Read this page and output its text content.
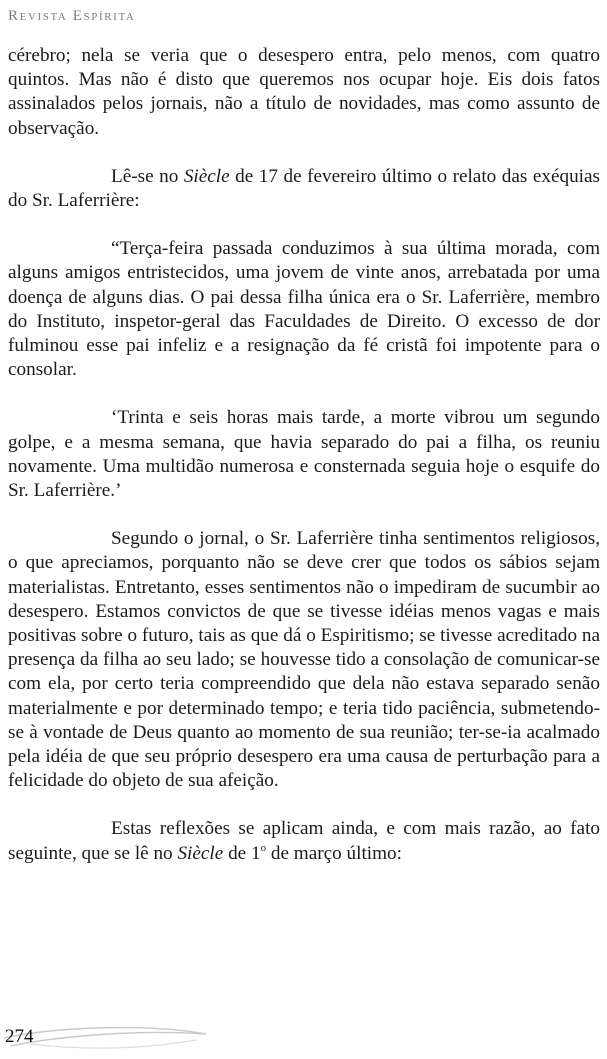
Revista Espírita

cérebro; nela se veria que o desespero entra, pelo menos, com quatro quintos. Mas não é disto que queremos nos ocupar hoje. Eis dois fatos assinalados pelos jornais, não a título de novidades, mas como assunto de observação.

Lê-se no Siècle de 17 de fevereiro último o relato das exéquias do Sr. Laferrière:

“Terça-feira passada conduzimos à sua última morada, com alguns amigos entristecidos, uma jovem de vinte anos, arrebatada por uma doença de alguns dias. O pai dessa filha única era o Sr. Laferrière, membro do Instituto, inspetor-geral das Faculdades de Direito. O excesso de dor fulminou esse pai infeliz e a resignação da fé cristã foi impotente para o consolar.

‘Trinta e seis horas mais tarde, a morte vibrou um segundo golpe, e a mesma semana, que havia separado do pai a filha, os reuniu novamente. Uma multidão numerosa e consternada seguia hoje o esquife do Sr. Laferrière.’

Segundo o jornal, o Sr. Laferrière tinha sentimentos religiosos, o que apreciamos, porquanto não se deve crer que todos os sábios sejam materialistas. Entretanto, esses sentimentos não o impediram de sucumbir ao desespero. Estamos convictos de que se tivesse idéias menos vagas e mais positivas sobre o futuro, tais as que dá o Espiritismo; se tivesse acreditado na presença da filha ao seu lado; se houvesse tido a consolação de comunicar-se com ela, por certo teria compreendido que dela não estava separado senão materialmente e por determinado tempo; e teria tido paciência, submetendo-se à vontade de Deus quanto ao momento de sua reunião; ter-se-ia acalmado pela idéia de que seu próprio desespero era uma causa de perturbação para a felicidade do objeto de sua afeição.

Estas reflexões se aplicam ainda, e com mais razão, ao fato seguinte, que se lê no Siècle de 1$^o$ de março último:

274
